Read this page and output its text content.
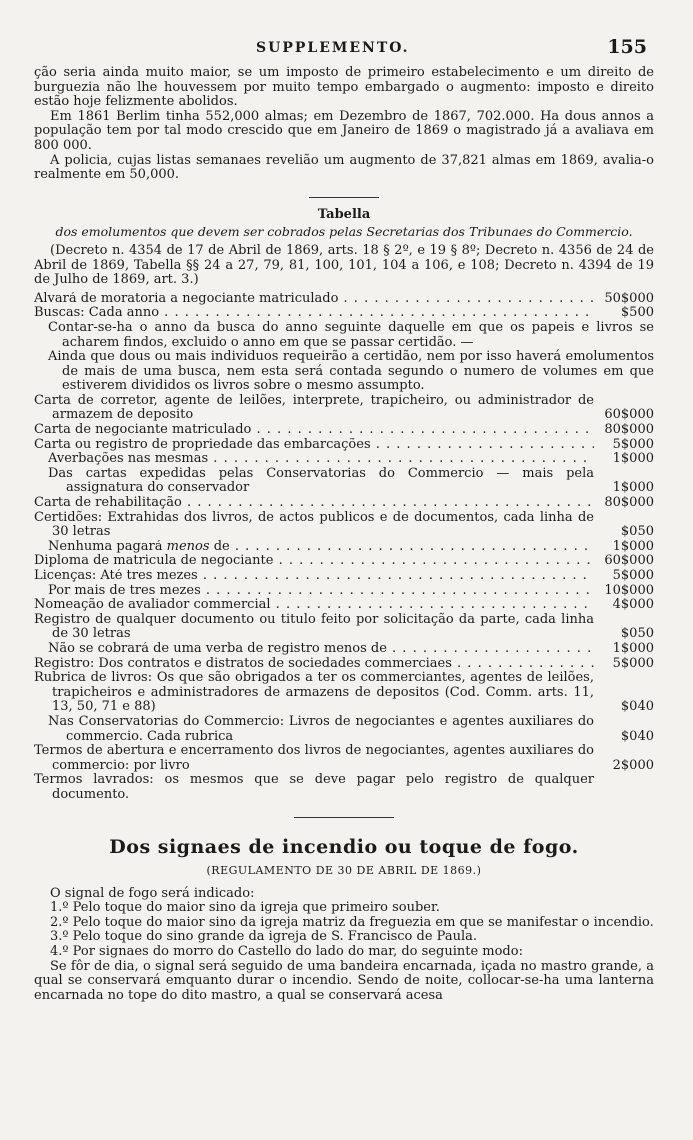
SUPPLEMENTO.	155

ção seria ainda muito maior, se um imposto de primeiro estabelecimento e um direito de burguezia não lhe houvessem por muito tempo embargado o augmento: imposto e direito estão hoje felizmente abolidos.

Em 1861 Berlim tinha 552,000 almas; em Dezembro de 1867, 702.000. Ha dous annos a população tem por tal modo crescido que em Janeiro de 1869 o magistrado já a avaliava em 800 000.

A policia, cujas listas semanaes revelião um augmento de 37,821 almas em 1869, avalia-o realmente em 50,000.

Tabella

dos emolumentos que devem ser cobrados pelas Secretarias dos Tribunaes do Commercio.

(Decreto n. 4354 de 17 de Abril de 1869, arts. 18 § 2º, e 19 § 8º; Decreto n. 4356 de 24 de Abril de 1869, Tabella §§ 24 a 27, 79, 81, 100, 101, 104 a 106, e 108; Decreto n. 4394 de 19 de Julho de 1869, art. 3.)

Alvará de moratoria a negociante matriculado . . .	50$000
Buscas: Cada anno . . .	$500

Contar-se-ha o anno da busca do anno seguinte daquelle em que os papeis e livros se acharem findos, excluido o anno em que se passar certidão. —

Ainda que dous ou mais individuos requeirão a certidão, nem por isso haverá emolumentos de mais de uma busca, nem esta será contada segundo o numero de volumes em que estiverem divididos os livros sobre o mesmo assumpto.

Carta de corretor, agente de leilões, interprete, trapicheiro, ou administrador de armazem de deposito	60$000
Carta de negociante matriculado . . .	80$000
Carta ou registro de propriedade das embarcações . . .	5$000
Averbações nas mesmas . . .	1$000
Das cartas expedidas pelas Conservatorias do Commercio — mais pela assignatura do conservador	1$000
Carta de rehabilitação . . .	80$000
Certidões: Extrahidas dos livros, de actos publicos e de documentos, cada linha de 30 letras	$050
Nenhuma pagará menos de . . .	1$000
Diploma de matricula de negociante . . .	60$000
Licenças: Até tres mezes . . .	5$000
Por mais de tres mezes . . .	10$000
Nomeação de avaliador commercial . . .	4$000
Registro de qualquer documento ou titulo feito por solicitação da parte, cada linha de 30 letras	$050
Não se cobrará de uma verba de registro menos de . . .	1$000
Registro: Dos contratos e distratos de sociedades commerciaes . . .	5$000
Rubrica de livros: Os que são obrigados a ter os commerciantes, agentes de leilões, trapicheiros e administradores de armazens de depositos (Cod. Comm. arts. 11, 13, 50, 71 e 88)	$040
Nas Conservatorias do Commercio: Livros de negociantes e agentes auxiliares do commercio. Cada rubrica	$040
Termos de abertura e encerramento dos livros de negociantes, agentes auxiliares do commercio: por livro	2$000

Termos lavrados: os mesmos que se deve pagar pelo registro de qualquer documento.

Dos signaes de incendio ou toque de fogo.

(REGULAMENTO DE 30 DE ABRIL DE 1869.)

O signal de fogo será indicado:

1.º Pelo toque do maior sino da igreja que primeiro souber.

2.º Pelo toque do maior sino da igreja matriz da freguezia em que se manifestar o incendio.

3.º Pelo toque do sino grande da igreja de S. Francisco de Paula.

4.º Por signaes do morro do Castello do lado do mar, do seguinte modo:

Se fôr de dia, o signal será seguido de uma bandeira encarnada, içada no mastro grande, a qual se conservará emquanto durar o incendio. Sendo de noite, collocar-se-ha uma lanterna encarnada no tope do dito mastro, a qual se conservará acesa
